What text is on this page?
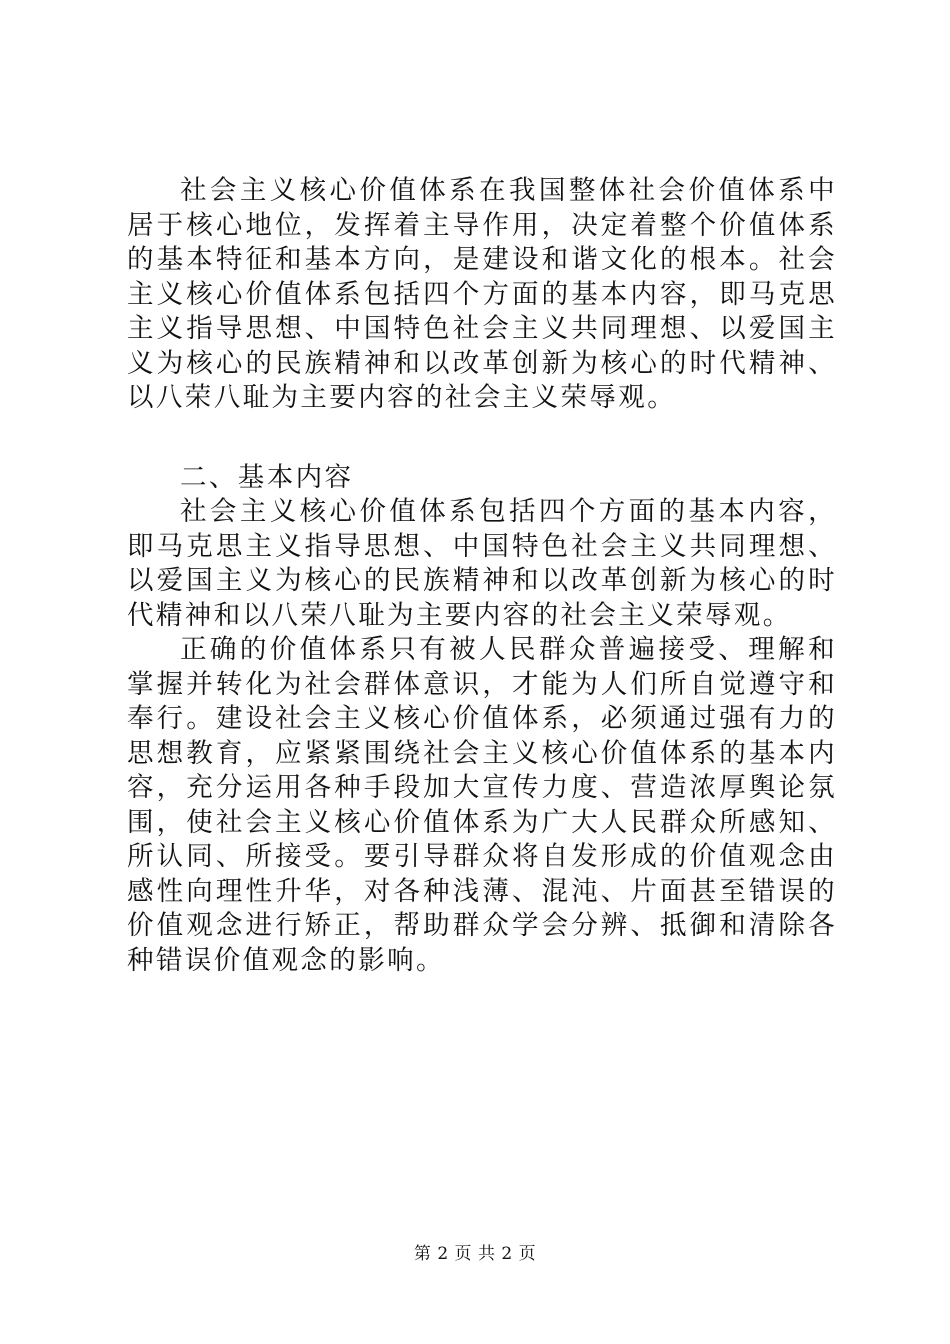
社会主义核心价值体系在我国整体社会价值体系中居于核心地位，发挥着主导作用，决定着整个价值体系的基本特征和基本方向，是建设和谐文化的根本。社会主义核心价值体系包括四个方面的基本内容，即马克思主义指导思想、中国特色社会主义共同理想、以爱国主义为核心的民族精神和以改革创新为核心的时代精神、以八荣八耻为主要内容的社会主义荣辱观。

二、基本内容

社会主义核心价值体系包括四个方面的基本内容，即马克思主义指导思想、中国特色社会主义共同理想、以爱国主义为核心的民族精神和以改革创新为核心的时代精神和以八荣八耻为主要内容的社会主义荣辱观。

正确的价值体系只有被人民群众普遍接受、理解和掌握并转化为社会群体意识，才能为人们所自觉遵守和奉行。建设社会主义核心价值体系，必须通过强有力的思想教育，应紧紧围绕社会主义核心价值体系的基本内容，充分运用各种手段加大宣传力度、营造浓厚舆论氛围，使社会主义核心价值体系为广大人民群众所感知、所认同、所接受。要引导群众将自发形成的价值观念由感性向理性升华，对各种浅薄、混沌、片面甚至错误的价值观念进行矫正，帮助群众学会分辨、抵御和清除各种错误价值观念的影响。

第 2 页 共 2 页
